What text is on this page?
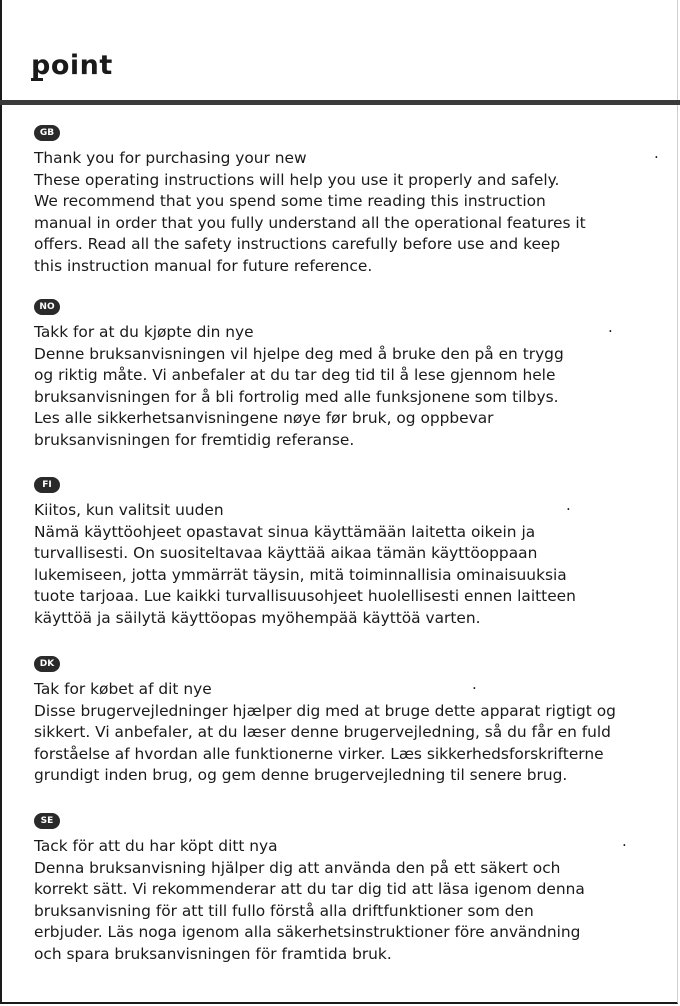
point
GB
Thank you for purchasing your new
These operating instructions will help you use it properly and safely.
We recommend that you spend some time reading this instruction
manual in order that you fully understand all the operational features it
offers. Read all the safety instructions carefully before use and keep
this instruction manual for future reference.
.
NO
Takk for at du kjøpte din nye
Denne bruksanvisningen vil hjelpe deg med å bruke den på en trygg
og riktig måte. Vi anbefaler at du tar deg tid til å lese gjennom hele
bruksanvisningen for å bli fortrolig med alle funksjonene som tilbys.
Les alle sikkerhetsanvisningene nøye før bruk, og oppbevar
bruksanvisningen for fremtidig referanse.
.
FI
Kiitos, kun valitsit uuden
Nämä käyttöohjeet opastavat sinua käyttämään laitetta oikein ja
turvallisesti. On suositeltavaa käyttää aikaa tämän käyttöoppaan
lukemiseen, jotta ymmärrät täysin, mitä toiminnallisia ominaisuuksia
tuote tarjoaa. Lue kaikki turvallisuusohjeet huolellisesti ennen laitteen
käyttöä ja säilytä käyttöopas myöhempää käyttöä varten.
.
DK
Tak for købet af dit nye
Disse brugervejledninger hjælper dig med at bruge dette apparat rigtigt og
sikkert. Vi anbefaler, at du læser denne brugervejledning, så du får en fuld
forståelse af hvordan alle funktionerne virker. Læs sikkerhedsforskrifterne
grundigt inden brug, og gem denne brugervejledning til senere brug.
.
SE
Tack för att du har köpt ditt nya
Denna bruksanvisning hjälper dig att använda den på ett säkert och
korrekt sätt. Vi rekommenderar att du tar dig tid att läsa igenom denna
bruksanvisning för att till fullo förstå alla driftfunktioner som den
erbjuder. Läs noga igenom alla säkerhetsinstruktioner före användning
och spara bruksanvisningen för framtida bruk.
.
